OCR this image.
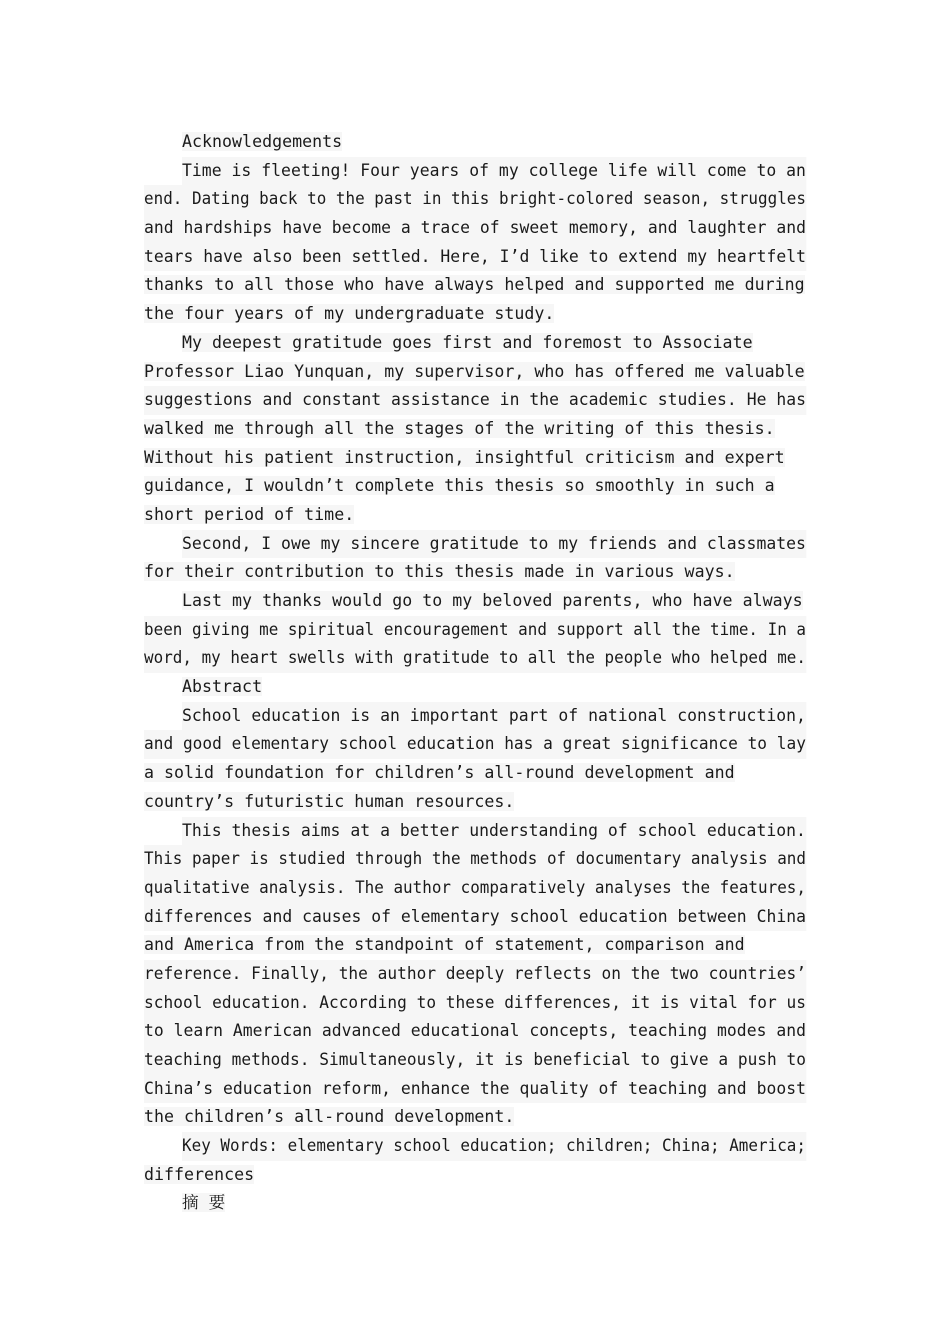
Acknowledgements
Time is fleeting! Four years of my college life will come to an
end. Dating back to the past in this bright-colored season, struggles
and hardships have become a trace of sweet memory, and laughter and
tears have also been settled. Here, I’d like to extend my heartfelt
thanks to all those who have always helped and supported me during
the four years of my undergraduate study.
My deepest gratitude goes first and foremost to Associate
Professor Liao Yunquan, my supervisor, who has offered me valuable
suggestions and constant assistance in the academic studies. He has
walked me through all the stages of the writing of this thesis.
Without his patient instruction, insightful criticism and expert
guidance, I wouldn’t complete this thesis so smoothly in such a
short period of time.
Second, I owe my sincere gratitude to my friends and classmates
for their contribution to this thesis made in various ways.
Last my thanks would go to my beloved parents, who have always
been giving me spiritual encouragement and support all the time. In a
word, my heart swells with gratitude to all the people who helped me.
Abstract
School education is an important part of national construction,
and good elementary school education has a great significance to lay
a solid foundation for children’s all-round development and
country’s futuristic human resources.
This thesis aims at a better understanding of school education.
This paper is studied through the methods of documentary analysis and
qualitative analysis. The author comparatively analyses the features,
differences and causes of elementary school education between China
and America from the standpoint of statement, comparison and
reference. Finally, the author deeply reflects on the two countries’
school education. According to these differences, it is vital for us
to learn American advanced educational concepts, teaching modes and
teaching methods. Simultaneously, it is beneficial to give a push to
China’s education reform, enhance the quality of teaching and boost
the children’s all-round development.
Key Words: elementary school education; children; China; America;
differences
摘 要
